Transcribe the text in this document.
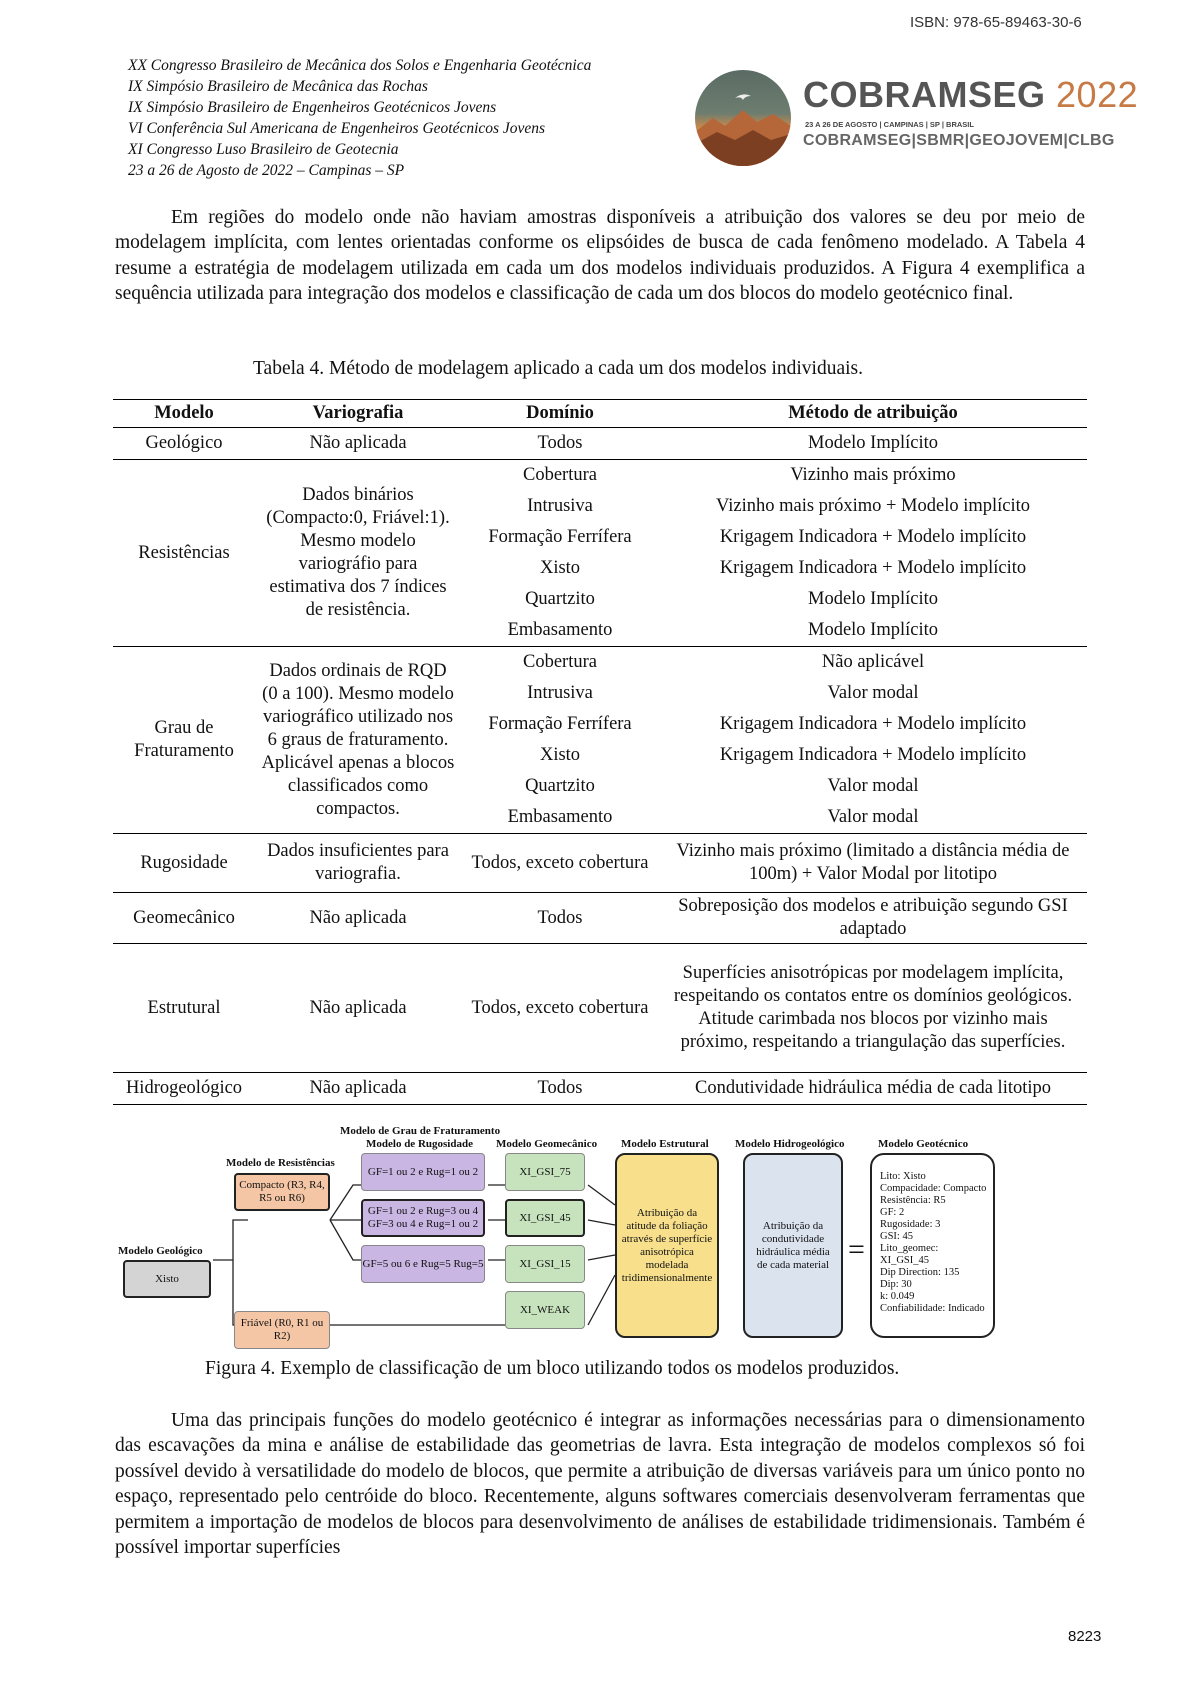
ISBN: 978-65-89463-30-6
XX Congresso Brasileiro de Mecânica dos Solos e Engenharia Geotécnica
IX Simpósio Brasileiro de Mecânica das Rochas
IX Simpósio Brasileiro de Engenheiros Geotécnicos Jovens
VI Conferência Sul Americana de Engenheiros Geotécnicos Jovens
XI Congresso Luso Brasileiro de Geotecnia
23 a 26 de Agosto de 2022 – Campinas – SP
COBRAMSEG 2022
23 A 26 DE AGOSTO | CAMPINAS | SP | BRASIL
COBRAMSEG|SBMR|GEOJOVEM|CLBG

Em regiões do modelo onde não haviam amostras disponíveis a atribuição dos valores se deu por meio de modelagem implícita, com lentes orientadas conforme os elipsóides de busca de cada fenômeno modelado. A Tabela 4 resume a estratégia de modelagem utilizada em cada um dos modelos individuais produzidos. A Figura 4 exemplifica a sequência utilizada para integração dos modelos e classificação de cada um dos blocos do modelo geotécnico final.

Tabela 4. Método de modelagem aplicado a cada um dos modelos individuais.
Modelo	Variografia	Domínio	Método de atribuição
Geológico	Não aplicada	Todos	Modelo Implícito
Resistências	Dados binários (Compacto:0, Friável:1). Mesmo modelo variográfio para estimativa dos 7 índices de resistência.	Cobertura	Vizinho mais próximo
		Intrusiva	Vizinho mais próximo + Modelo implícito
		Formação Ferrífera	Krigagem Indicadora + Modelo implícito
		Xisto	Krigagem Indicadora + Modelo implícito
		Quartzito	Modelo Implícito
		Embasamento	Modelo Implícito
Grau de Fraturamento	Dados ordinais de RQD (0 a 100). Mesmo modelo variográfico utilizado nos 6 graus de fraturamento. Aplicável apenas a blocos classificados como compactos.	Cobertura	Não aplicável
		Intrusiva	Valor modal
		Formação Ferrífera	Krigagem Indicadora + Modelo implícito
		Xisto	Krigagem Indicadora + Modelo implícito
		Quartzito	Valor modal
		Embasamento	Valor modal
Rugosidade	Dados insuficientes para variografia.	Todos, exceto cobertura	Vizinho mais próximo (limitado a distância média de 100m) + Valor Modal por litotipo
Geomecânico	Não aplicada	Todos	Sobreposição dos modelos e atribuição segundo GSI adaptado
Estrutural	Não aplicada	Todos, exceto cobertura	Superfícies anisotrópicas por modelagem implícita, respeitando os contatos entre os domínios geológicos. Atitude carimbada nos blocos por vizinho mais próximo, respeitando a triangulação das superfícies.
Hidrogeológico	Não aplicada	Todos	Condutividade hidráulica média de cada litotipo
Modelo Geológico
Xisto
Modelo de Resistências
Compacto (R3, R4, R5 ou R6)
Friável (R0, R1 ou R2)
Modelo de Grau de Fraturamento
Modelo de Rugosidade
GF=1 ou 2 e Rug=1 ou 2
GF=1 ou 2 e Rug=3 ou 4 GF=3 ou 4 e Rug=1 ou 2
GF=5 ou 6 e Rug=5 Rug=5
Modelo Geomecânico
XI_GSI_75
XI_GSI_45
XI_GSI_15
XI_WEAK
Modelo Estrutural
Atribuição da atitude da foliação através de superfície anisotrópica modelada tridimensionalmente
Modelo Hidrogeológico
Atribuição da condutividade hidráulica média de cada material =
Modelo Geotécnico
Lito: Xisto
Compacidade: Compacto
Resistência: R5
GF: 2
Rugosidade: 3
GSI: 45
Lito_geomec: XI_GSI_45
Dip Direction: 135
Dip: 30
k: 0.049
Confiabilidade: Indicado
Figura 4. Exemplo de classificação de um bloco utilizando todos os modelos produzidos.

Uma das principais funções do modelo geotécnico é integrar as informações necessárias para o dimensionamento das escavações da mina e análise de estabilidade das geometrias de lavra. Esta integração de modelos complexos só foi possível devido à versatilidade do modelo de blocos, que permite a atribuição de diversas variáveis para um único ponto no espaço, representado pelo centróide do bloco. Recentemente, alguns softwares comerciais desenvolveram ferramentas que permitem a importação de modelos de blocos para desenvolvimento de análises de estabilidade tridimensionais. Também é possível importar superfícies

8223
